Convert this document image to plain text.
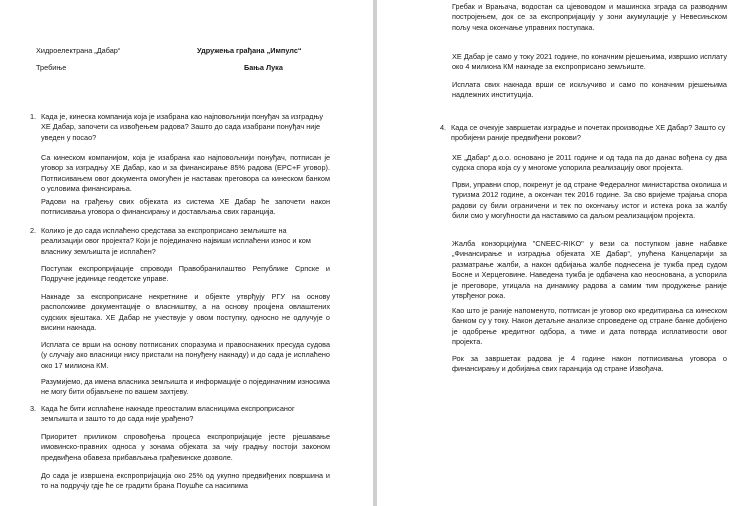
Хидроелектрана „Дабар“
Требиње
Удружења грађана „Импулс“
Бања Лука
1. Када је, кинеска компанија која је изабрана као најповољнији понуђач за изградњу ХЕ Дабар, започети са извођењем радова? Зашто до сада изабрани понуђач није уведен у посао?

Са кинеском компанијом, која је изабрана као најповољнији понуђач, потписан је уговор за изградњу ХЕ Дабар, као и за финансирање 85% радова (EPC+F уговор). Потписивањем овог документа омогућен је наставак преговора са кинеском банком о условима финансирања.

Радови на грађењу свих објеката из система ХЕ Дабар ће започети након потписивања уговора о финансирању и достављања свих гаранција.

2. Колико је до сада исплаћено средстава за експроприсано земљиште на реализацији овог пројекта? Који је појединачно највиши исплаћени износ и ком власнику земљишта је исплаћен?

Поступак експропријације спроводи Правобранилаштво Републике Српске и Подручне јединице геодетске управе.

Накнаде за експроприсане некретнине и објекте утврђују РГУ на основу расположиве документације о власништву, а на основу процјена овлаштених судских вјештака. ХЕ Дабар не учествује у овом поступку, односно не одлучује о висини накнада.

Исплата се врши на основу потписаних споразума и правоснажних пресуда судова (у случају ако власници нису пристали на понуђену накнаду) и до сада је исплаћено око 17 милиона КМ.

Разумијемо, да имена власника земљишта и информације о појединачним износима не могу бити објављене по вашем захтјеву.

3. Када ће бити исплаћене накнаде преосталим власницима експроприсаног земљишта и зашто то до сада није урађено?

Приоритет приликом спровођења процеса експропријације јесте рјешавање имовинско-правних односа у зонама објеката за чију градњу постоји законом предвиђена обавеза прибављања грађевинске дозволе.

До сада је извршена експропријација око 25% од укупно предвиђених површина и то на подручју гдје ће се градити брана Поушће са насипима

Гребак и Врањача, водостан са цјевоводом и машинска зграда са разводним постројењем, док се за експропријацију у зони акумулације у Невесињском пољу чека окончање управних поступака.

ХЕ Дабар је само у току 2021 године, по коначним рјешењима, извршио исплату око 4 милиона КМ накнаде за експроприсано земљиште.

Исплата свих накнада врши се искључиво и само по коначним рјешењима надлежних институција.

4. Када се очекује завршетак изградње и почетак производње ХЕ Дабар? Зашто су пробијени раније предвиђени рокови?

ХЕ „Дабар“ д.о.о. основано је 2011 године и од тада па до данас вођена су два судска спора која су у многоме успорила реализацију овог пројекта.

Први, управни спор, покренут је од стране Федералног министарства околиша и туризма 2012 године, а окончан тек 2016 године. За сво вријеме трајања спора радови су били ограничени и тек по окончању истог и истека рока за жалбу били смо у могућности да наставимо са даљом реализацијом пројекта.

Жалба конзорцијума "CNEEC-RIKO" у вези са поступком јавне набавке „Финансирање и изградња објеката ХЕ Дабар“, упућена Канцеларији за разматрање жалби, а након одбијања жалбе поднесена је тужба пред судом Босне и Херцеговине. Наведена тужба је одбачена као неоснована, а успорила је преговоре, утицала на динамику радова а самим тим продужење раније утврђеног рока.

Као што је раније напоменуто, потписан је уговор око кредитирања са кинеском банком су у току. Након детаљне анализе спроведене од стране банке добијено је одобрење кредитног одбора, а тиме и дата потврда исплативости овог пројекта.

Рок за завршетак радова је 4 године након потписивања уговора о финансирању и добијања свих гаранција од стране Извођача.
